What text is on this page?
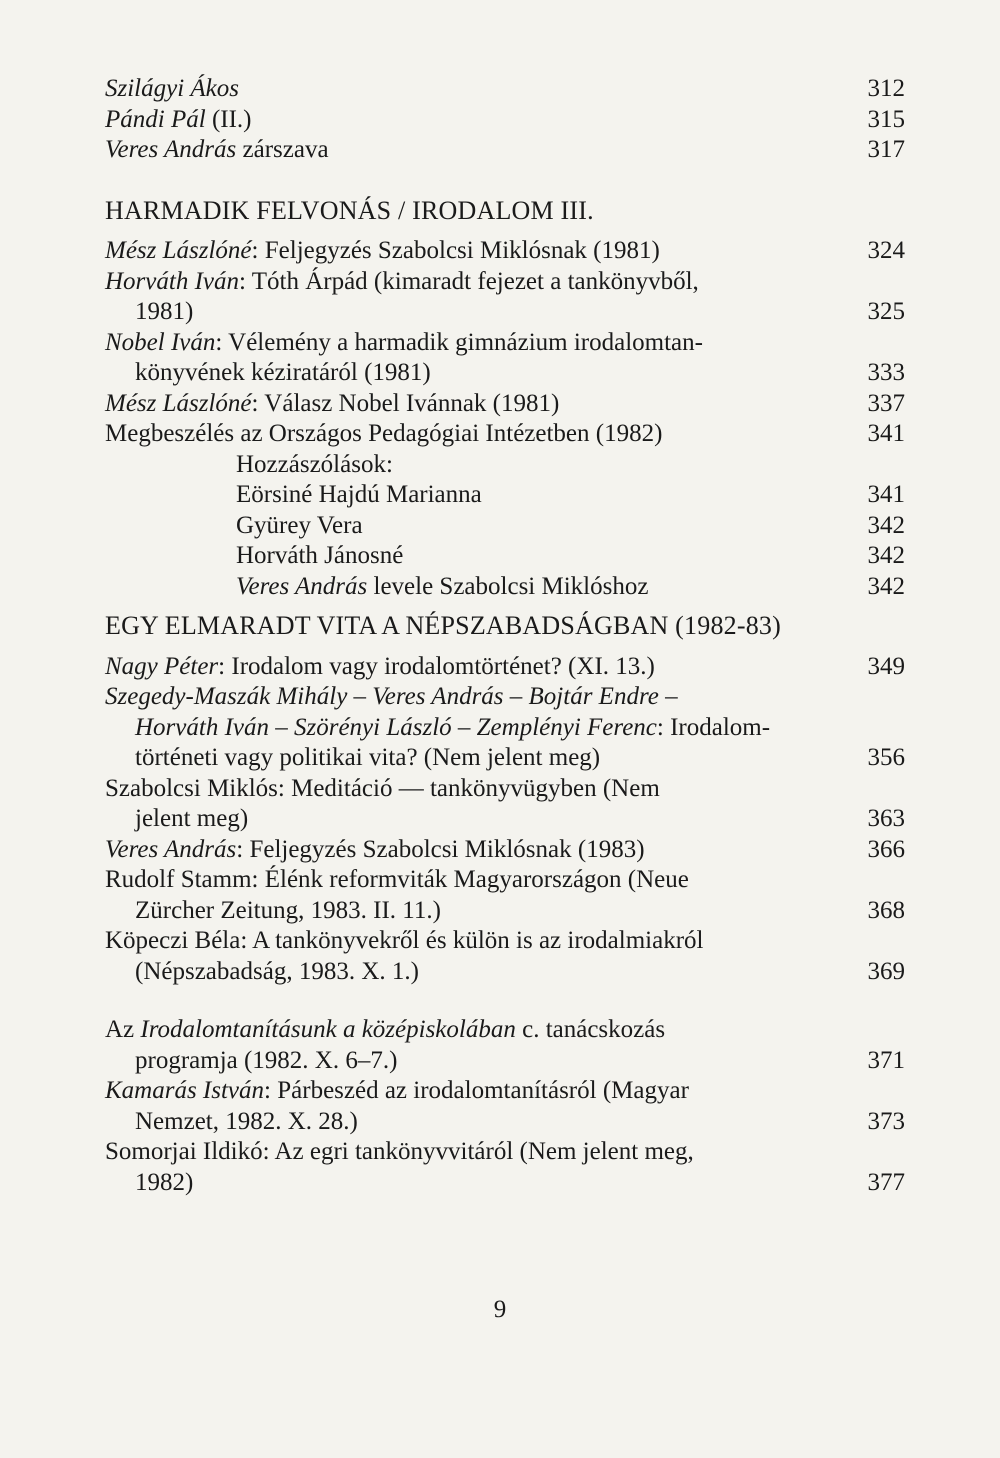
Szilágyi Ákos	312
Pándi Pál (II.)	315
Veres András zárszava	317
HARMADIK FELVONÁS / IRODALOM III.
Mész Lászlóné: Feljegyzés Szabolcsi Miklósnak (1981)	324
Horváth Iván: Tóth Árpád (kimaradt fejezet a tankönyvből,
1981)	325
Nobel Iván: Vélemény a harmadik gimnázium irodalomtan-
könyvének kéziratáról (1981)	333
Mész Lászlóné: Válasz Nobel Ivánnak (1981)	337
Megbeszélés az Országos Pedagógiai Intézetben (1982)	341
Hozzászólások:
Eörsiné Hajdú Marianna	341
Gyürey Vera	342
Horváth Jánosné	342
Veres András levele Szabolcsi Miklóshoz	342
EGY ELMARADT VITA A NÉPSZABADSÁGBAN (1982-83)
Nagy Péter: Irodalom vagy irodalomtörténet? (XI. 13.)	349
Szegedy-Maszák Mihály – Veres András – Bojtár Endre –
Horváth Iván – Szörényi László – Zemplényi Ferenc: Irodalom-
történeti vagy politikai vita? (Nem jelent meg)	356
Szabolcsi Miklós: Meditáció — tankönyvügyben (Nem
jelent meg)	363
Veres András: Feljegyzés Szabolcsi Miklósnak (1983)	366
Rudolf Stamm: Élénk reformviták Magyarországon (Neue
Zürcher Zeitung, 1983. II. 11.)	368
Köpeczi Béla: A tankönyvekről és külön is az irodalmiakról
(Népszabadság, 1983. X. 1.)	369
Az Irodalomtanításunk a középiskolában c. tanácskozás
programja (1982. X. 6–7.)	371
Kamarás István: Párbeszéd az irodalomtanításról (Magyar
Nemzet, 1982. X. 28.)	373
Somorjai Ildikó: Az egri tankönyvvitáról (Nem jelent meg,
1982)	377
9
